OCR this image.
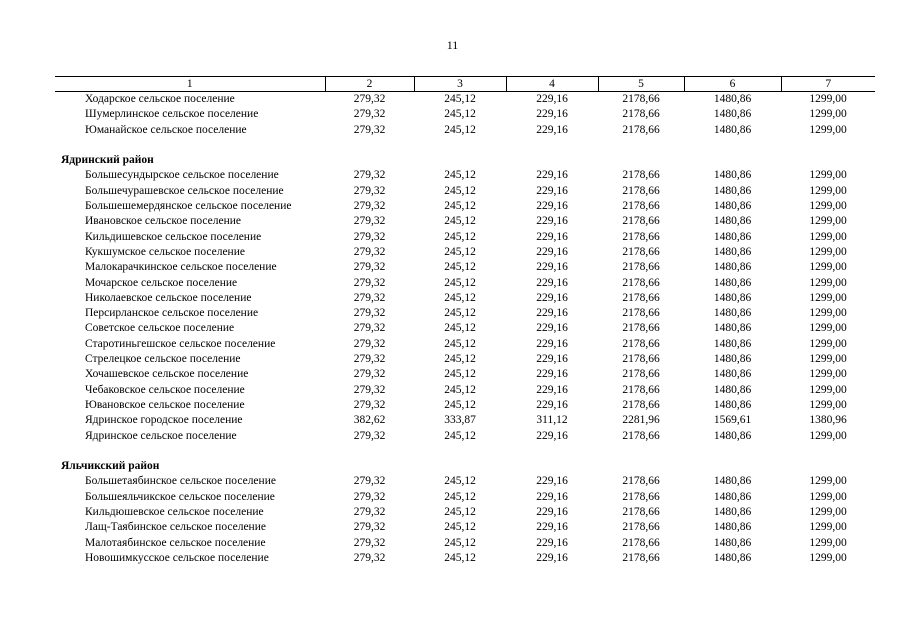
11
1	2	3	4	5	6	7
Ходарское сельское поселение	279,32	245,12	229,16	2178,66	1480,86	1299,00
Шумерлинское сельское поселение	279,32	245,12	229,16	2178,66	1480,86	1299,00
Юманайское сельское поселение	279,32	245,12	229,16	2178,66	1480,86	1299,00

Ядринский район						
Большесундырское сельское поселение	279,32	245,12	229,16	2178,66	1480,86	1299,00
Большечурашевское сельское поселение	279,32	245,12	229,16	2178,66	1480,86	1299,00
Большешемердянское сельское поселение	279,32	245,12	229,16	2178,66	1480,86	1299,00
Ивановское сельское поселение	279,32	245,12	229,16	2178,66	1480,86	1299,00
Кильдишевское сельское поселение	279,32	245,12	229,16	2178,66	1480,86	1299,00
Кукшумское сельское поселение	279,32	245,12	229,16	2178,66	1480,86	1299,00
Малокарачкинское сельское поселение	279,32	245,12	229,16	2178,66	1480,86	1299,00
Мочарское сельское поселение	279,32	245,12	229,16	2178,66	1480,86	1299,00
Николаевское сельское поселение	279,32	245,12	229,16	2178,66	1480,86	1299,00
Персирланское сельское поселение	279,32	245,12	229,16	2178,66	1480,86	1299,00
Советское сельское поселение	279,32	245,12	229,16	2178,66	1480,86	1299,00
Старотиньгешское сельское поселение	279,32	245,12	229,16	2178,66	1480,86	1299,00
Стрелецкое сельское поселение	279,32	245,12	229,16	2178,66	1480,86	1299,00
Хочашевское сельское поселение	279,32	245,12	229,16	2178,66	1480,86	1299,00
Чебаковское сельское поселение	279,32	245,12	229,16	2178,66	1480,86	1299,00
Ювановское сельское поселение	279,32	245,12	229,16	2178,66	1480,86	1299,00
Ядринское городское поселение	382,62	333,87	311,12	2281,96	1569,61	1380,96
Ядринское сельское поселение	279,32	245,12	229,16	2178,66	1480,86	1299,00

Яльчикский район						
Большетаябинское сельское поселение	279,32	245,12	229,16	2178,66	1480,86	1299,00
Большеяльчикское сельское поселение	279,32	245,12	229,16	2178,66	1480,86	1299,00
Кильдюшевское сельское поселение	279,32	245,12	229,16	2178,66	1480,86	1299,00
Лащ-Таябинское сельское поселение	279,32	245,12	229,16	2178,66	1480,86	1299,00
Малотаябинское сельское поселение	279,32	245,12	229,16	2178,66	1480,86	1299,00
Новошимкусское сельское поселение	279,32	245,12	229,16	2178,66	1480,86	1299,00
